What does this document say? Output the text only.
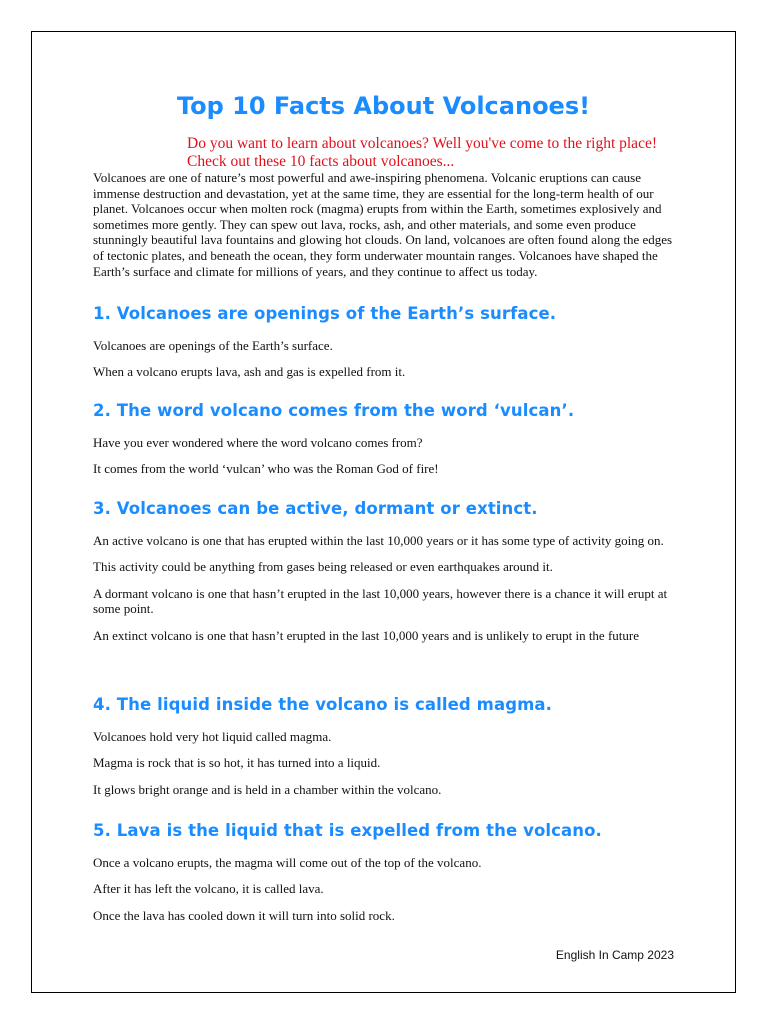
Top 10 Facts About Volcanoes!

Do you want to learn about volcanoes? Well you've come to the right place! Check out these 10 facts about volcanoes...

Volcanoes are one of nature’s most powerful and awe-inspiring phenomena. Volcanic eruptions can cause immense destruction and devastation, yet at the same time, they are essential for the long-term health of our planet. Volcanoes occur when molten rock (magma) erupts from within the Earth, sometimes explosively and sometimes more gently. They can spew out lava, rocks, ash, and other materials, and some even produce stunningly beautiful lava fountains and glowing hot clouds. On land, volcanoes are often found along the edges of tectonic plates, and beneath the ocean, they form underwater mountain ranges. Volcanoes have shaped the Earth’s surface and climate for millions of years, and they continue to affect us today.

1. Volcanoes are openings of the Earth’s surface.

Volcanoes are openings of the Earth’s surface.

When a volcano erupts lava, ash and gas is expelled from it.

2. The word volcano comes from the word ‘vulcan’.

Have you ever wondered where the word volcano comes from?

It comes from the world ‘vulcan’ who was the Roman God of fire!

3. Volcanoes can be active, dormant or extinct.

An active volcano is one that has erupted within the last 10,000 years or it has some type of activity going on.

This activity could be anything from gases being released or even earthquakes around it.

A dormant volcano is one that hasn’t erupted in the last 10,000 years, however there is a chance it will erupt at some point.

An extinct volcano is one that hasn’t erupted in the last 10,000 years and is unlikely to erupt in the future

4. The liquid inside the volcano is called magma.

Volcanoes hold very hot liquid called magma.

Magma is rock that is so hot, it has turned into a liquid.

It glows bright orange and is held in a chamber within the volcano.

5. Lava is the liquid that is expelled from the volcano.

Once a volcano erupts, the magma will come out of the top of the volcano.

After it has left the volcano, it is called lava.

Once the lava has cooled down it will turn into solid rock.

English In Camp 2023
